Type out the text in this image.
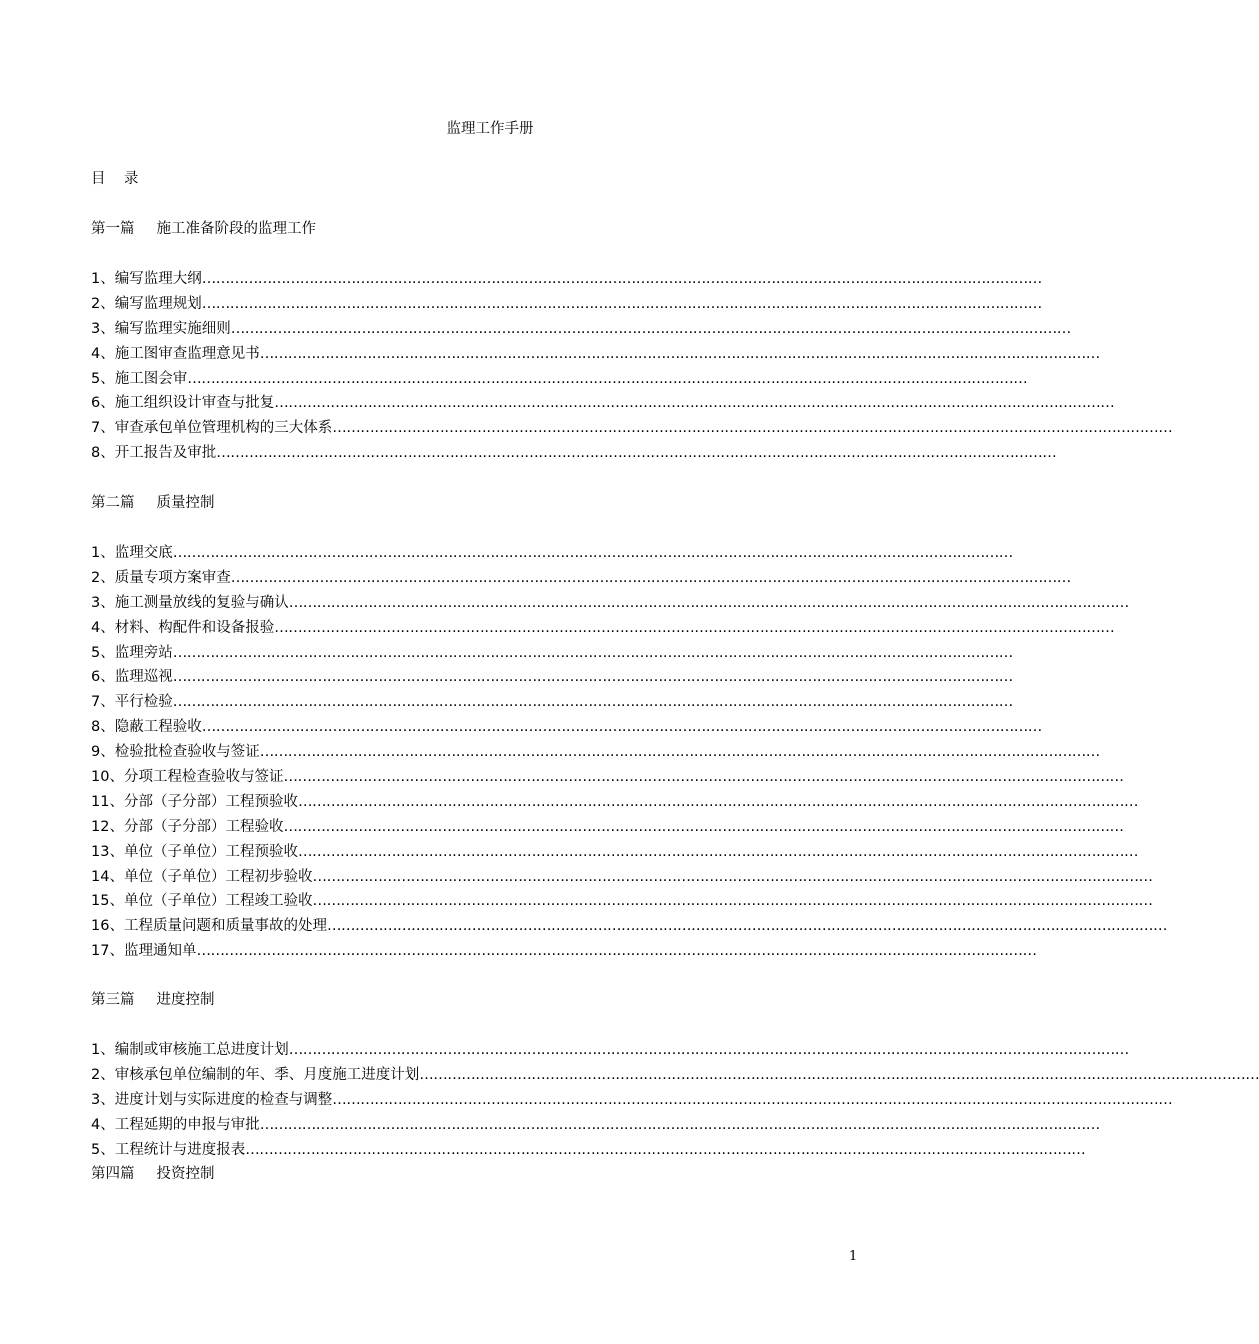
监理工作手册
目    录
第一篇 施工准备阶段的监理工作
1、 编写监理大纲 ………………………………………………………………………………………………………………………………………………………………
2、 编写监理规划 ………………………………………………………………………………………………………………………………………………………………
3、 编写监理实施细则 ………………………………………………………………………………………………………………………………………………………………
4、 施工图审查监理意见书 ………………………………………………………………………………………………………………………………………………………………
5、 施工图会审 ………………………………………………………………………………………………………………………………………………………………
6、 施工组织设计审查与批复 ………………………………………………………………………………………………………………………………………………………………
7、 审查承包单位管理机构的三大体系 ………………………………………………………………………………………………………………………………………………………………
8、 开工报告及审批 ………………………………………………………………………………………………………………………………………………………………
第二篇 质量控制
1、 监理交底 ………………………………………………………………………………………………………………………………………………………………
2、 质量专项方案审查 ………………………………………………………………………………………………………………………………………………………………
3、 施工测量放线的复验与确认 ………………………………………………………………………………………………………………………………………………………………
4、 材料、构配件和设备报验 ………………………………………………………………………………………………………………………………………………………………
5、 监理旁站 ………………………………………………………………………………………………………………………………………………………………
6、 监理巡视 ………………………………………………………………………………………………………………………………………………………………
7、 平行检验 ………………………………………………………………………………………………………………………………………………………………
8、 隐蔽工程验收 ………………………………………………………………………………………………………………………………………………………………
9、 检验批检查验收与签证 ………………………………………………………………………………………………………………………………………………………………
10、 分项工程检查验收与签证 ………………………………………………………………………………………………………………………………………………………………
11、 分部（子分部）工程预验收 ………………………………………………………………………………………………………………………………………………………………
12、 分部（子分部）工程验收 ………………………………………………………………………………………………………………………………………………………………
13、 单位（子单位）工程预验收 ………………………………………………………………………………………………………………………………………………………………
14、 单位（子单位）工程初步验收 ………………………………………………………………………………………………………………………………………………………………
15、 单位（子单位）工程竣工验收 ………………………………………………………………………………………………………………………………………………………………
16、 工程质量问题和质量事故的处理 ………………………………………………………………………………………………………………………………………………………………
17、 监理通知单 ………………………………………………………………………………………………………………………………………………………………
第三篇 进度控制
1、 编制或审核施工总进度计划 ………………………………………………………………………………………………………………………………………………………………
2、 审核承包单位编制的年、季、月度施工进度计划 ………………………………………………………………………………………………………………………………………………………………
3、 进度计划与实际进度的检查与调整 ………………………………………………………………………………………………………………………………………………………………
4、 工程延期的申报与审批 ………………………………………………………………………………………………………………………………………………………………
5、 工程统计与进度报表 ………………………………………………………………………………………………………………………………………………………………
第四篇 投资控制
1
